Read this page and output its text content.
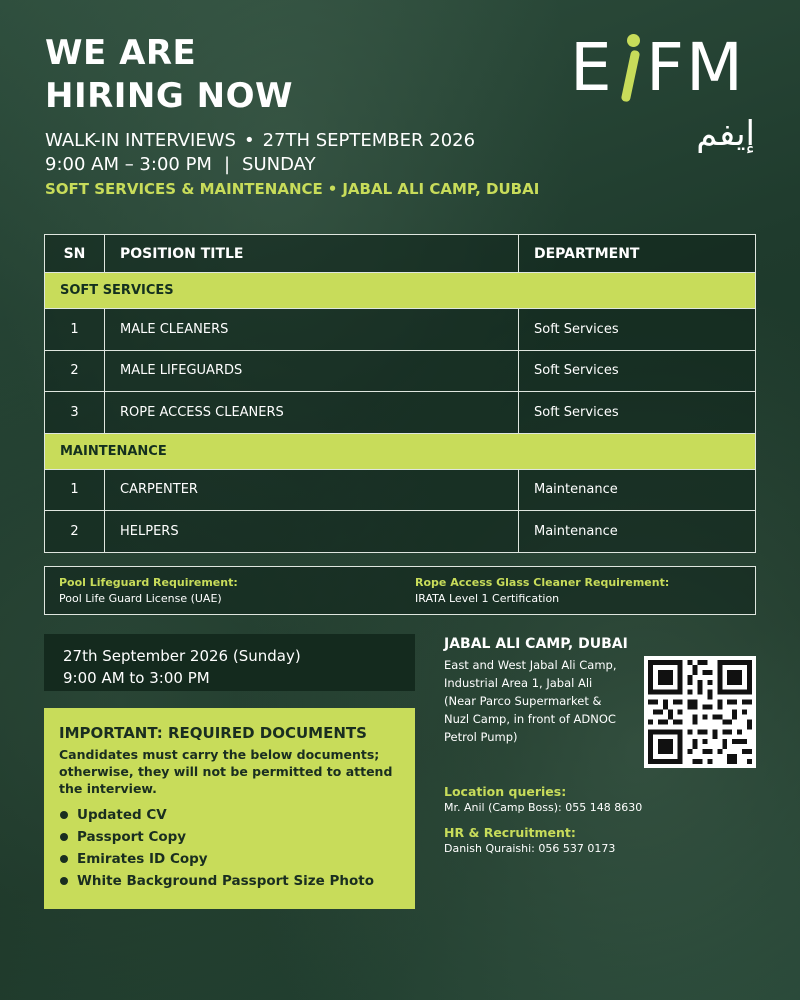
WE ARE
HIRING NOW
WALK-IN INTERVIEWS • 27TH SEPTEMBER 2026
9:00 AM – 3:00 PM | SUNDAY
SOFT SERVICES & MAINTENANCE • JABAL ALI CAMP, DUBAI
E FM
إيفم
SN	POSITION TITLE	DEPARTMENT
SOFT SERVICES		
1	MALE CLEANERS	Soft Services
2	MALE LIFEGUARDS	Soft Services
3	ROPE ACCESS CLEANERS	Soft Services
MAINTENANCE		
1	CARPENTER	Maintenance
2	HELPERS	Maintenance
Pool Lifeguard Requirement:
Pool Life Guard License (UAE)
Rope Access Glass Cleaner Requirement:
IRATA Level 1 Certification
27th September 2026 (Sunday)
9:00 AM to 3:00 PM
IMPORTANT: REQUIRED DOCUMENTS
Candidates must carry the below documents; otherwise, they will not be permitted to attend the interview.
Updated CV
Passport Copy
Emirates ID Copy
White Background Passport Size Photo
JABAL ALI CAMP, DUBAI
East and West Jabal Ali Camp,
Industrial Area 1, Jabal Ali
(Near Parco Supermarket &
Nuzl Camp, in front of ADNOC
Petrol Pump)
Location queries:
Mr. Anil (Camp Boss): 055 148 8630
HR & Recruitment:
Danish Quraishi: 056 537 0173
